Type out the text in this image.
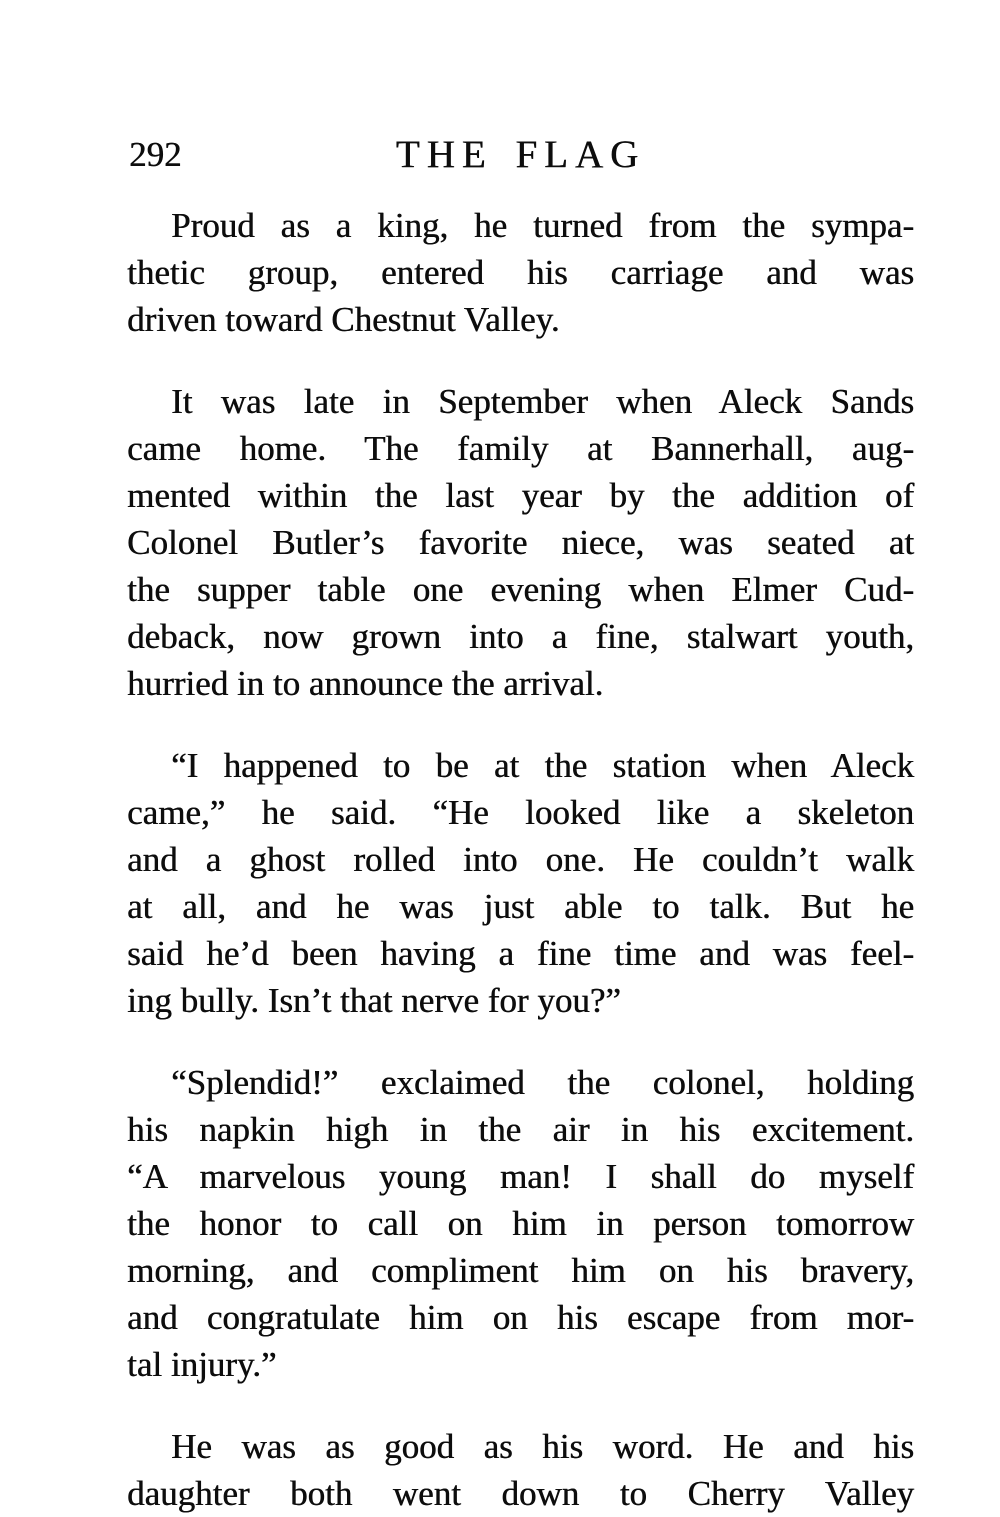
292	THE FLAG

Proud as a king, he turned from the sympa-
thetic group, entered his carriage and was
driven toward Chestnut Valley.

It was late in September when Aleck Sands
came home. The family at Bannerhall, aug-
mented within the last year by the addition of
Colonel Butler’s favorite niece, was seated at
the supper table one evening when Elmer Cud-
deback, now grown into a fine, stalwart youth,
hurried in to announce the arrival.

“I happened to be at the station when Aleck
came,” he said. “He looked like a skeleton
and a ghost rolled into one. He couldn’t walk
at all, and he was just able to talk. But he
said he’d been having a fine time and was feel-
ing bully. Isn’t that nerve for you?”

“Splendid!” exclaimed the colonel, holding
his napkin high in the air in his excitement.
“A marvelous young man! I shall do myself
the honor to call on him in person tomorrow
morning, and compliment him on his bravery,
and congratulate him on his escape from mor-
tal injury.”

He was as good as his word. He and his
daughter both went down to Cherry Valley
